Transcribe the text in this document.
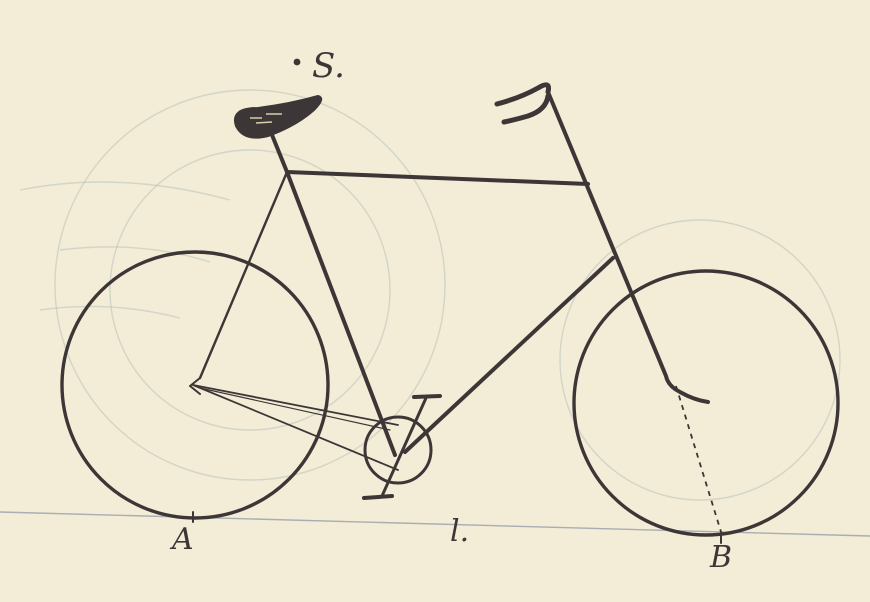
S.
A	l.
B
